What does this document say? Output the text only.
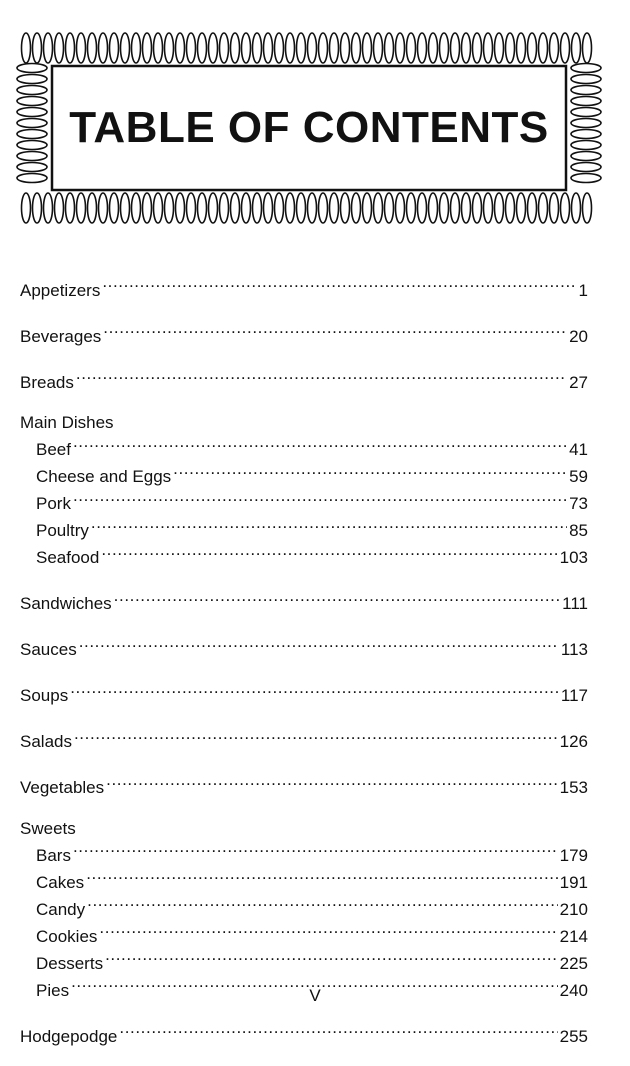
TABLE OF CONTENTS
Appetizers .....	1
Beverages .....	20
Breads .....	27
Main Dishes
Beef .....	41
Cheese and Eggs .....	59
Pork .....	73
Poultry .....	85
Seafood .....	103
Sandwiches .....	111
Sauces .....	113
Soups .....	117
Salads .....	126
Vegetables .....	153
Sweets
Bars .....	179
Cakes .....	191
Candy .....	210
Cookies .....	214
Desserts .....	225
Pies .....	240
Hodgepodge .....	255
V
